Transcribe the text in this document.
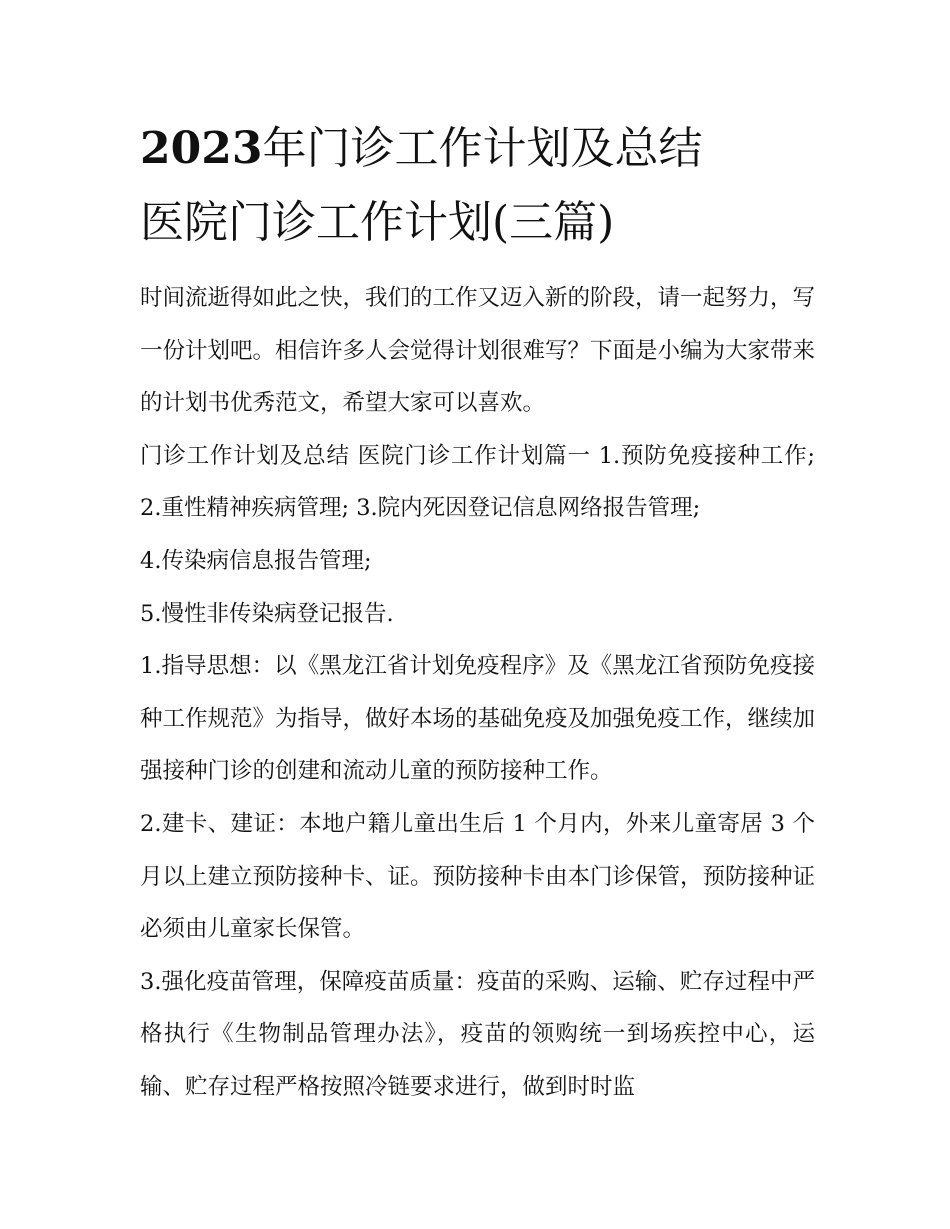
2023年门诊工作计划及总结
医院门诊工作计划(三篇)

时间流逝得如此之快，我们的工作又迈入新的阶段，请一起努力，写一份计划吧。相信许多人会觉得计划很难写？下面是小编为大家带来的计划书优秀范文，希望大家可以喜欢。

门诊工作计划及总结 医院门诊工作计划篇一 1.预防免疫接种工作; 2.重性精神疾病管理; 3.院内死因登记信息网络报告管理;

4.传染病信息报告管理;

5.慢性非传染病登记报告.

1.指导思想：以《黑龙江省计划免疫程序》及《黑龙江省预防免疫接种工作规范》为指导，做好本场的基础免疫及加强免疫工作，继续加强接种门诊的创建和流动儿童的预防接种工作。

2.建卡、建证：本地户籍儿童出生后 1 个月内，外来儿童寄居 3 个月以上建立预防接种卡、证。预防接种卡由本门诊保管，预防接种证必须由儿童家长保管。

3.强化疫苗管理，保障疫苗质量：疫苗的采购、运输、贮存过程中严格执行《生物制品管理办法》，疫苗的领购统一到场疾控中心，运输、贮存过程严格按照冷链要求进行，做到时时监
